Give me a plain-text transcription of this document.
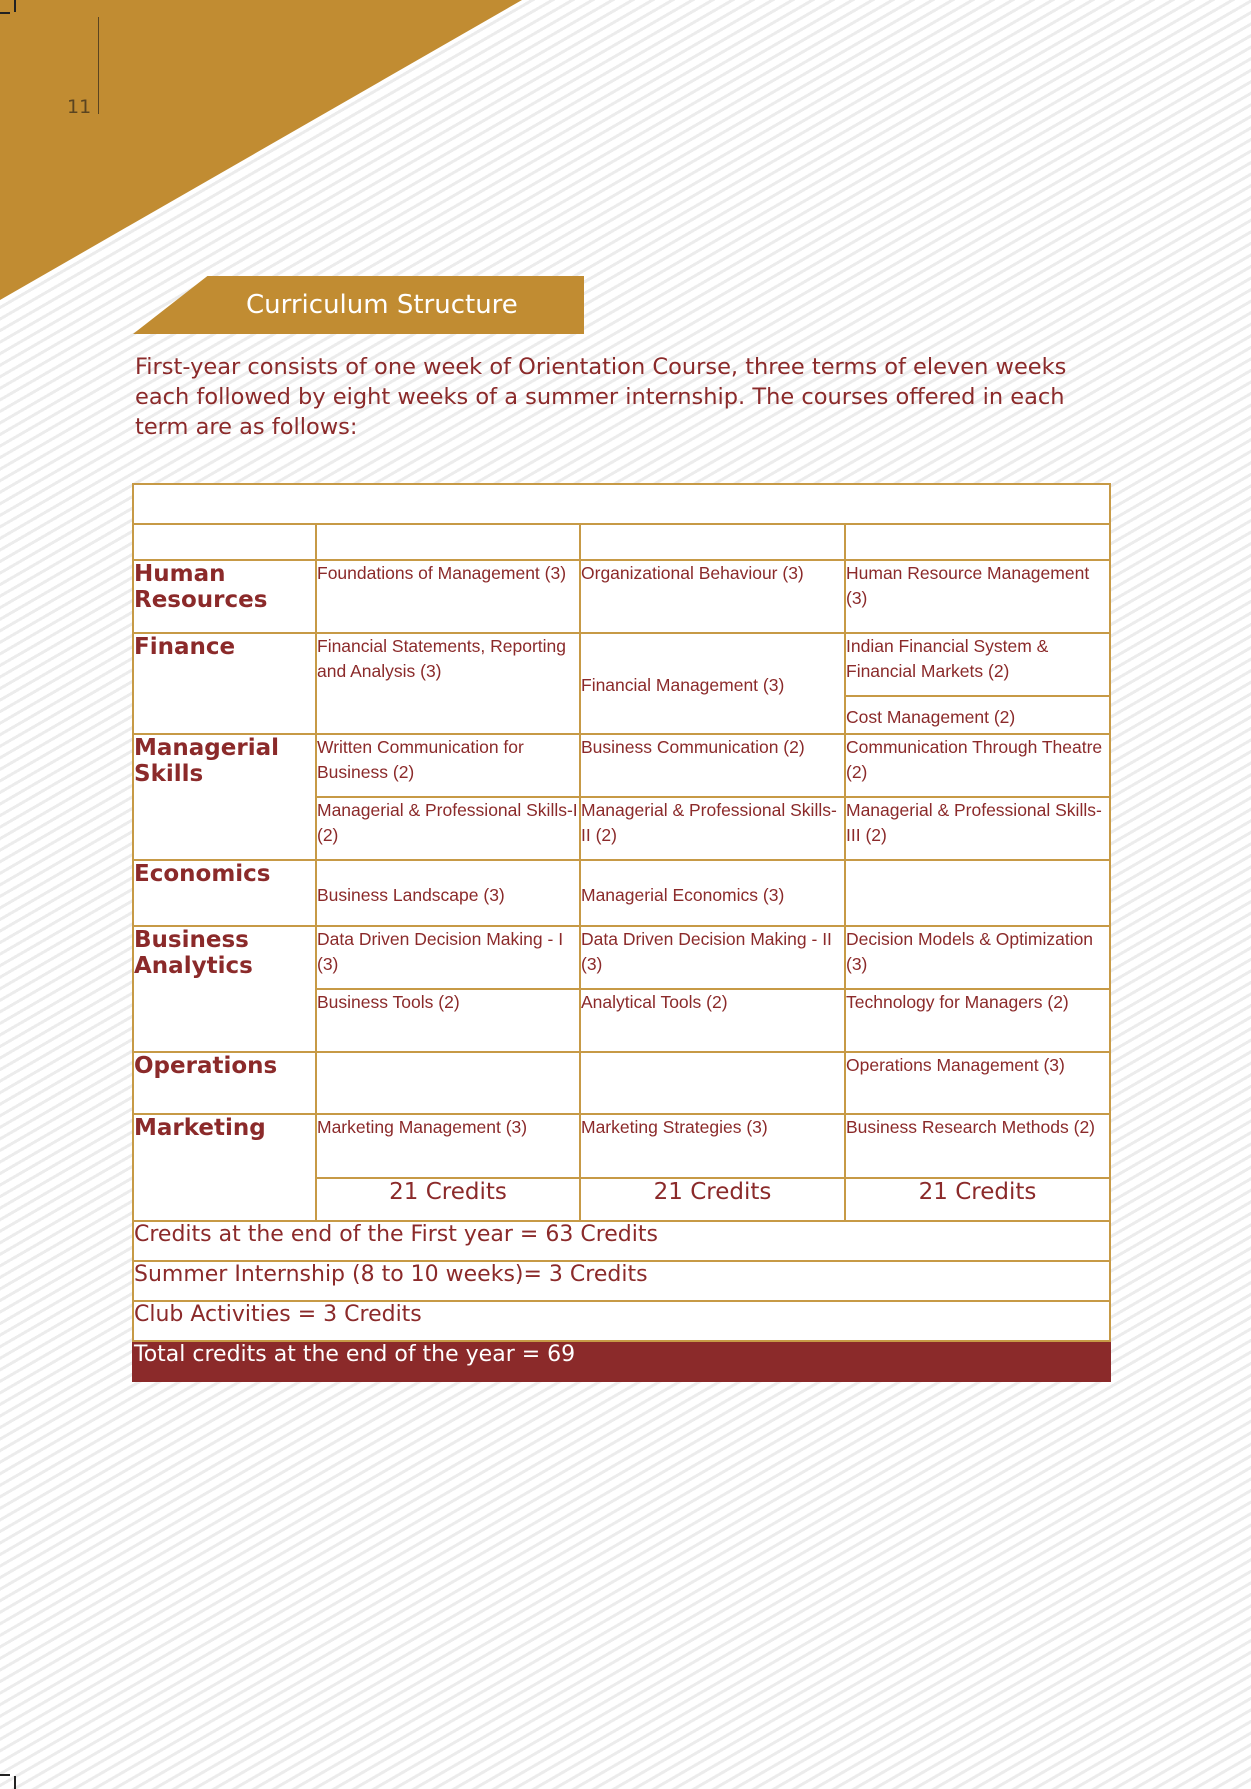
11
Curriculum Structure

First-year consists of one week of Orientation Course, three terms of eleven weeks each followed by eight weeks of a summer internship. The courses offered in each term are as follows:

FIRST YEAR (Number of Credits are given in brackets against each subject)			
	Term 1	Term 2	Term 3
Human Resources	Foundations of Management (3)	Organizational Behaviour (3)	Human Resource Management (3)
Finance	Financial Statements, Reporting and Analysis (3)	Financial Management (3)	Indian Financial System & Financial Markets (2)
			Cost Management (2)
Managerial Skills	Written Communication for Business (2)	Business Communication (2)	Communication Through Theatre (2)
	Managerial & Professional Skills-I (2)	Managerial & Professional Skills-II (2)	Managerial & Professional Skills-III (2)
Economics	Business Landscape (3)	Managerial Economics (3)	
Business Analytics	Data Driven Decision Making - I (3)	Data Driven Decision Making - II (3)	Decision Models & Optimization (3)
	Business Tools (2)	Analytical Tools (2)	Technology for Managers (2)
Operations			Operations Management (3)
Marketing	Marketing Management (3)	Marketing Strategies (3)	Business Research Methods (2)
	21 Credits	21 Credits	21 Credits
Credits at the end of the First year = 63 Credits			
Summer Internship (8 to 10 weeks)= 3 Credits			
Club Activities = 3 Credits			
Total credits at the end of the year = 69			
